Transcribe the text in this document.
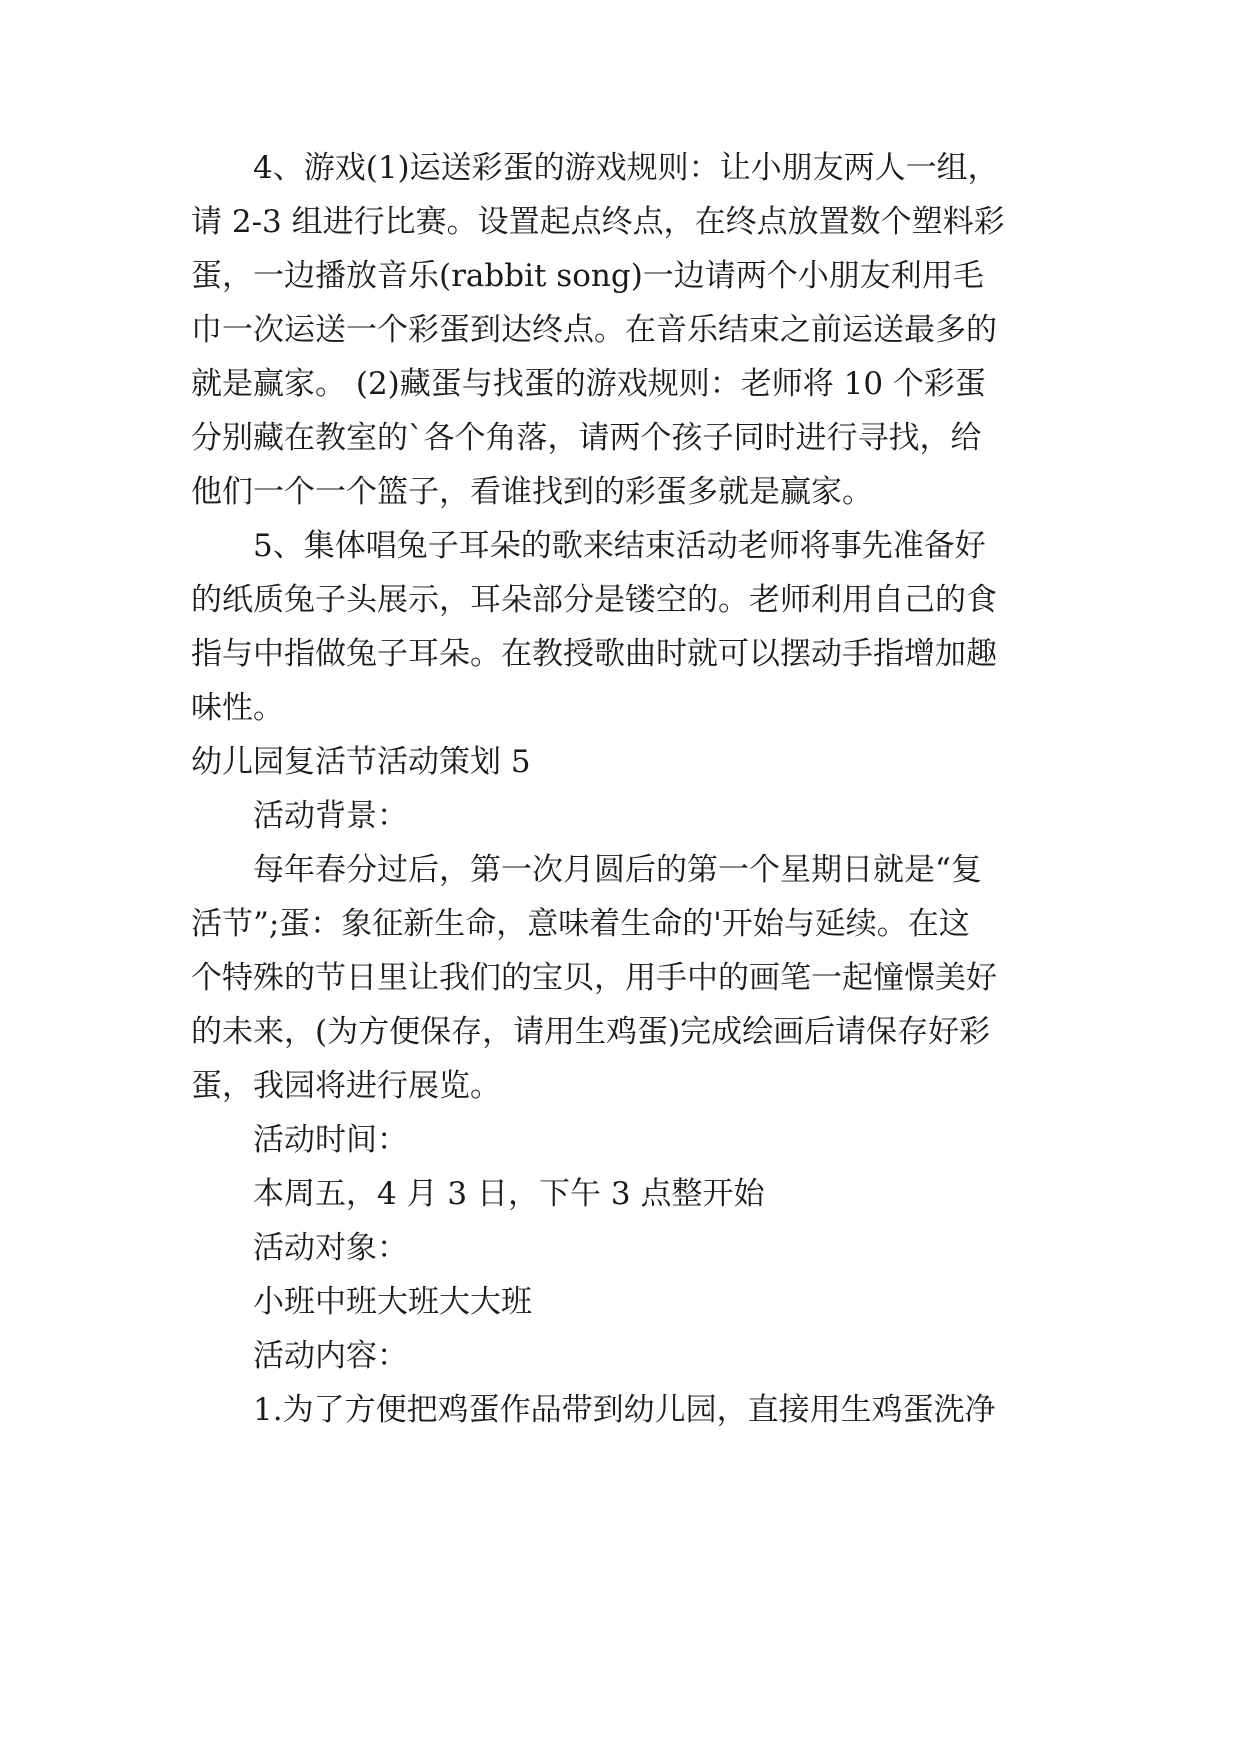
4、游戏(1)运送彩蛋的游戏规则：让小朋友两人一组，
请 2-3 组进行比赛。设置起点终点，在终点放置数个塑料彩
蛋，一边播放音乐(rabbit song)一边请两个小朋友利用毛
巾一次运送一个彩蛋到达终点。在音乐结束之前运送最多的
就是赢家。 (2)藏蛋与找蛋的游戏规则：老师将 10 个彩蛋
分别藏在教室的`各个角落，请两个孩子同时进行寻找，给
他们一个一个篮子，看谁找到的彩蛋多就是赢家。
5、集体唱兔子耳朵的歌来结束活动老师将事先准备好
的纸质兔子头展示，耳朵部分是镂空的。老师利用自己的食
指与中指做兔子耳朵。在教授歌曲时就可以摆动手指增加趣
味性。
幼儿园复活节活动策划 5
活动背景：
每年春分过后，第一次月圆后的第一个星期日就是“复
活节”;蛋：象征新生命，意味着生命的'开始与延续。在这
个特殊的节日里让我们的宝贝，用手中的画笔一起憧憬美好
的未来，(为方便保存，请用生鸡蛋)完成绘画后请保存好彩
蛋，我园将进行展览。
活动时间：
本周五，4 月 3 日，下午 3 点整开始
活动对象：
小班中班大班大大班
活动内容：
1.为了方便把鸡蛋作品带到幼儿园，直接用生鸡蛋洗净
